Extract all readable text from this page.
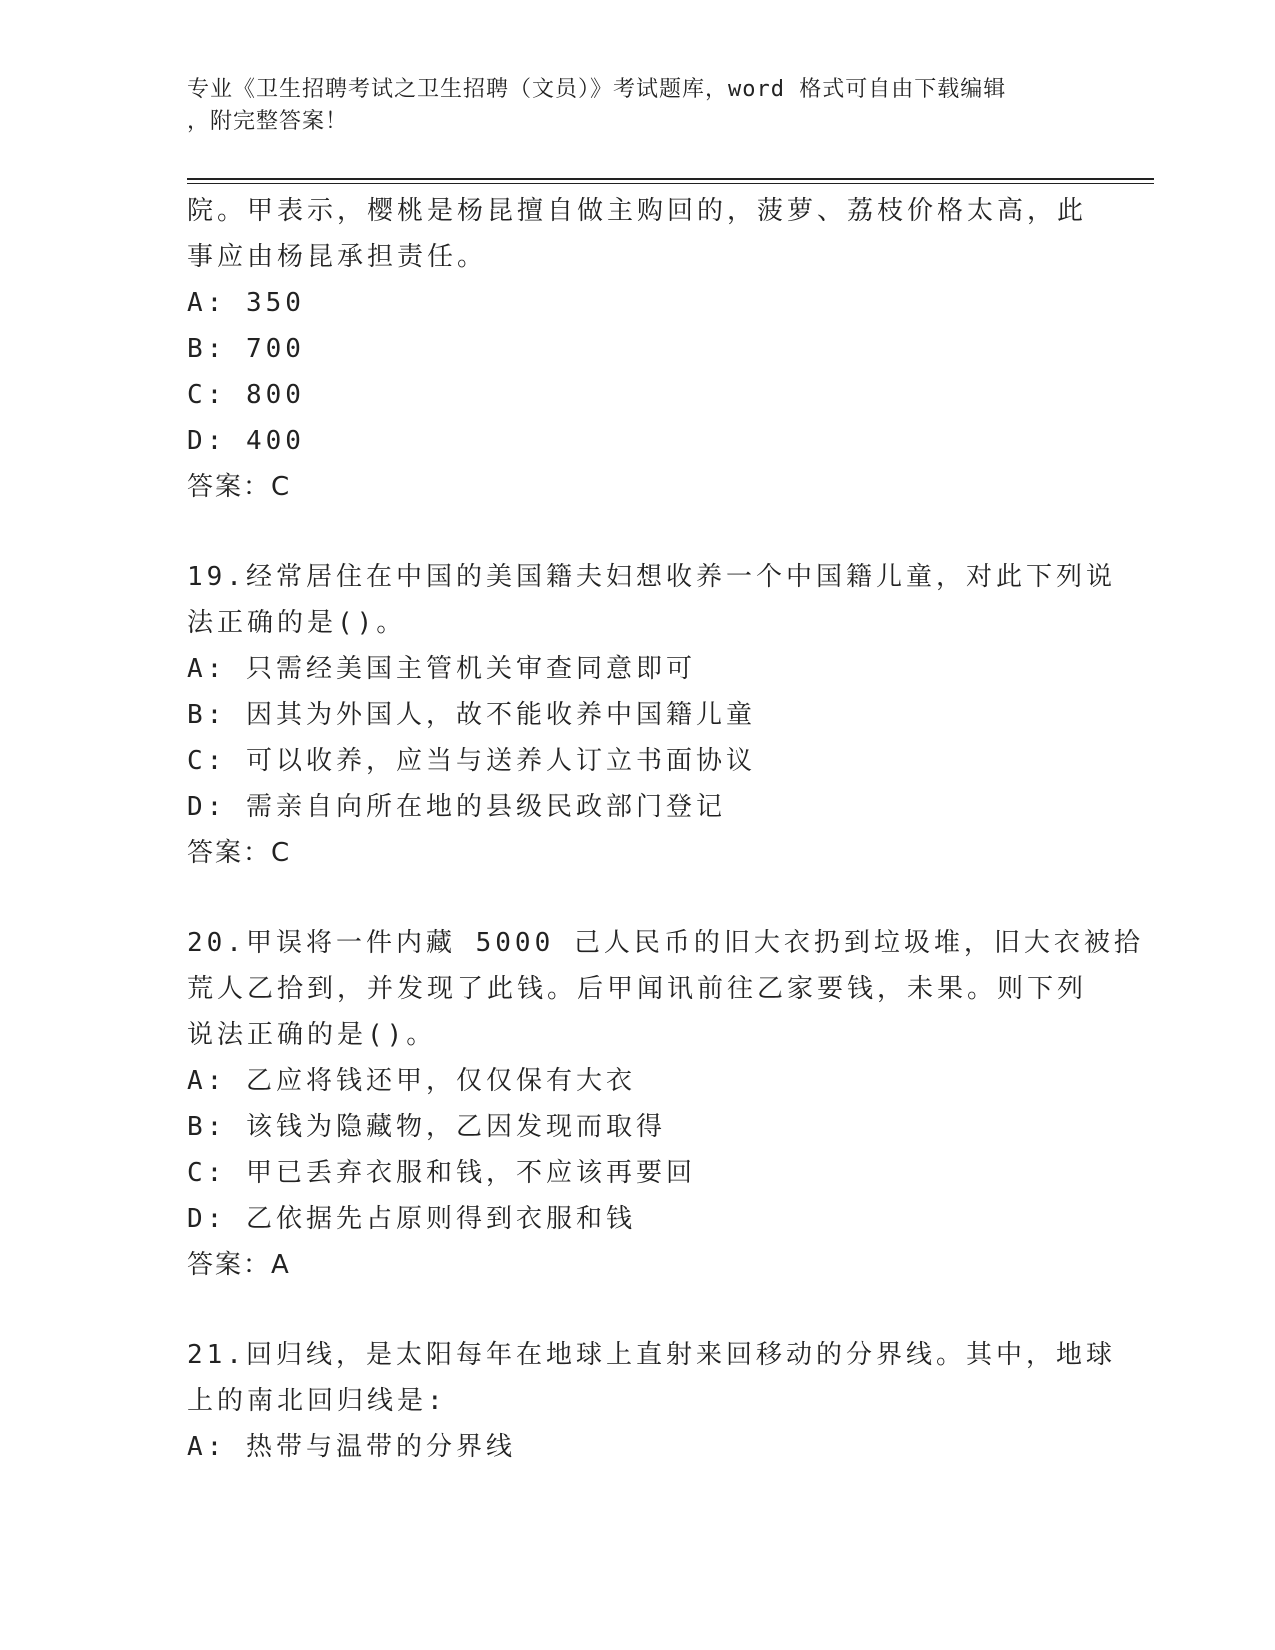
专业《卫生招聘考试之卫生招聘（文员）》考试题库，word 格式可自由下载编辑
，附完整答案！
院。甲表示，樱桃是杨昆擅自做主购回的，菠萝、荔枝价格太高，此
事应由杨昆承担责任。
A: 350
B: 700
C: 800
D: 400
答案：C
19.经常居住在中国的美国籍夫妇想收养一个中国籍儿童，对此下列说
法正确的是()。
A: 只需经美国主管机关审查同意即可
B: 因其为外国人，故不能收养中国籍儿童
C: 可以收养，应当与送养人订立书面协议
D: 需亲自向所在地的县级民政部门登记
答案：C
20.甲误将一件内藏 5000 己人民币的旧大衣扔到垃圾堆，旧大衣被拾
荒人乙拾到，并发现了此钱。后甲闻讯前往乙家要钱，未果。则下列
说法正确的是()。
A: 乙应将钱还甲，仅仅保有大衣
B: 该钱为隐藏物，乙因发现而取得
C: 甲已丢弃衣服和钱，不应该再要回
D: 乙依据先占原则得到衣服和钱
答案：A
21.回归线，是太阳每年在地球上直射来回移动的分界线。其中，地球
上的南北回归线是:
A: 热带与温带的分界线
